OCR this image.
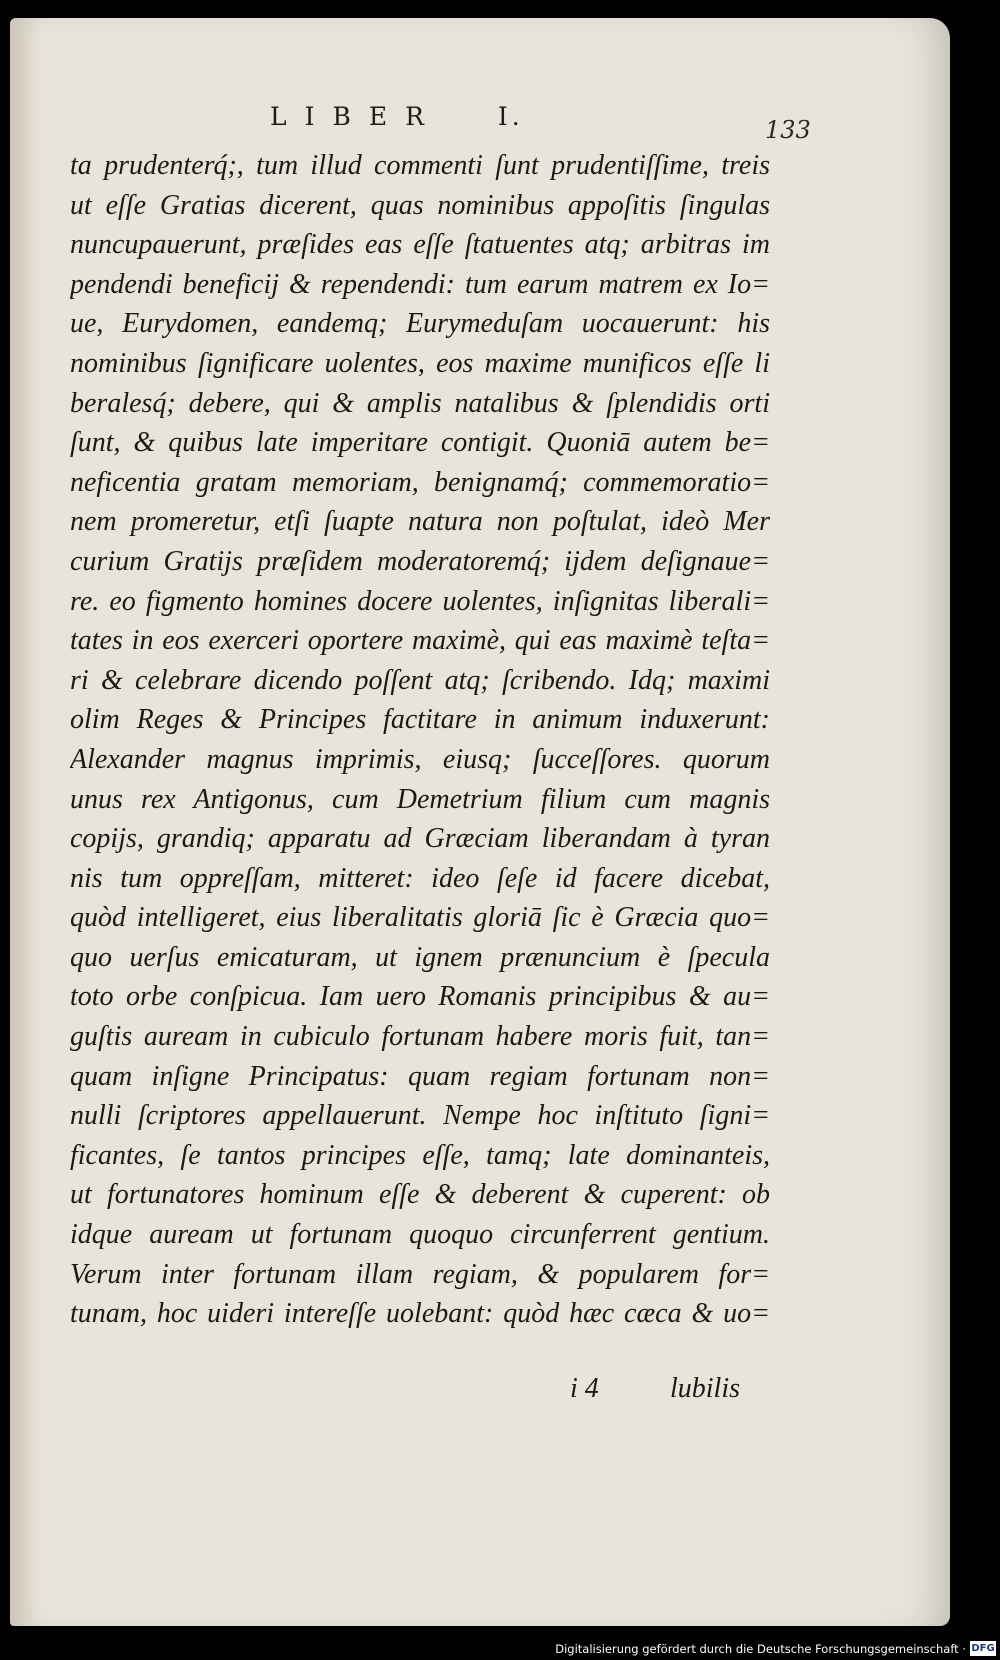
LIBER I.	133
ta prudenterq́;, tum illud commenti ſunt prudentiſſime, treis
ut eſſe Gratias dicerent, quas nominibus appoſitis ſingulas
nuncupauerunt, præſides eas eſſe ſtatuentes atq; arbitras im
pendendi beneficij & rependendi: tum earum matrem ex Io=
ue, Eurydomen, eandemq; Eurymeduſam uocauerunt: his
nominibus ſignificare uolentes, eos maxime munificos eſſe li
beralesq́; debere, qui & amplis natalibus & ſplendidis orti
ſunt, & quibus late imperitare contigit. Quoniā autem be=
neficentia gratam memoriam, benignamq́; commemoratio=
nem promeretur, etſi ſuapte natura non poſtulat, ideò Mer
curium Gratijs præſidem moderatoremq́; ijdem deſignaue=
re. eo figmento homines docere uolentes, inſignitas liberali=
tates in eos exerceri oportere maximè, qui eas maximè teſta=
ri & celebrare dicendo poſſent atq; ſcribendo. Idq; maximi
olim Reges & Principes factitare in animum induxerunt:
Alexander magnus imprimis, eiusq; ſucceſſores. quorum
unus rex Antigonus, cum Demetrium filium cum magnis
copijs, grandiq; apparatu ad Græciam liberandam à tyran
nis tum oppreſſam, mitteret: ideo ſeſe id facere dicebat,
quòd intelligeret, eius liberalitatis gloriā ſic è Græcia quo=
quo uerſus emicaturam, ut ignem prænuncium è ſpecula
toto orbe conſpicua. Iam uero Romanis principibus & au=
guſtis auream in cubiculo fortunam habere moris fuit, tan=
quam inſigne Principatus: quam regiam fortunam non=
nulli ſcriptores appellauerunt. Nempe hoc inſtituto ſigni=
ficantes, ſe tantos principes eſſe, tamq; late dominanteis,
ut fortunatores hominum eſſe & deberent & cuperent: ob
idque auream ut fortunam quoquo circunferrent gentium.
Verum inter fortunam illam regiam, & popularem for=
tunam, hoc uideri intereſſe uolebant: quòd hæc cæca & uo=
i 4	lubilis
Digitalisierung gefördert durch die Deutsche Forschungsgemeinschaft · DFG
